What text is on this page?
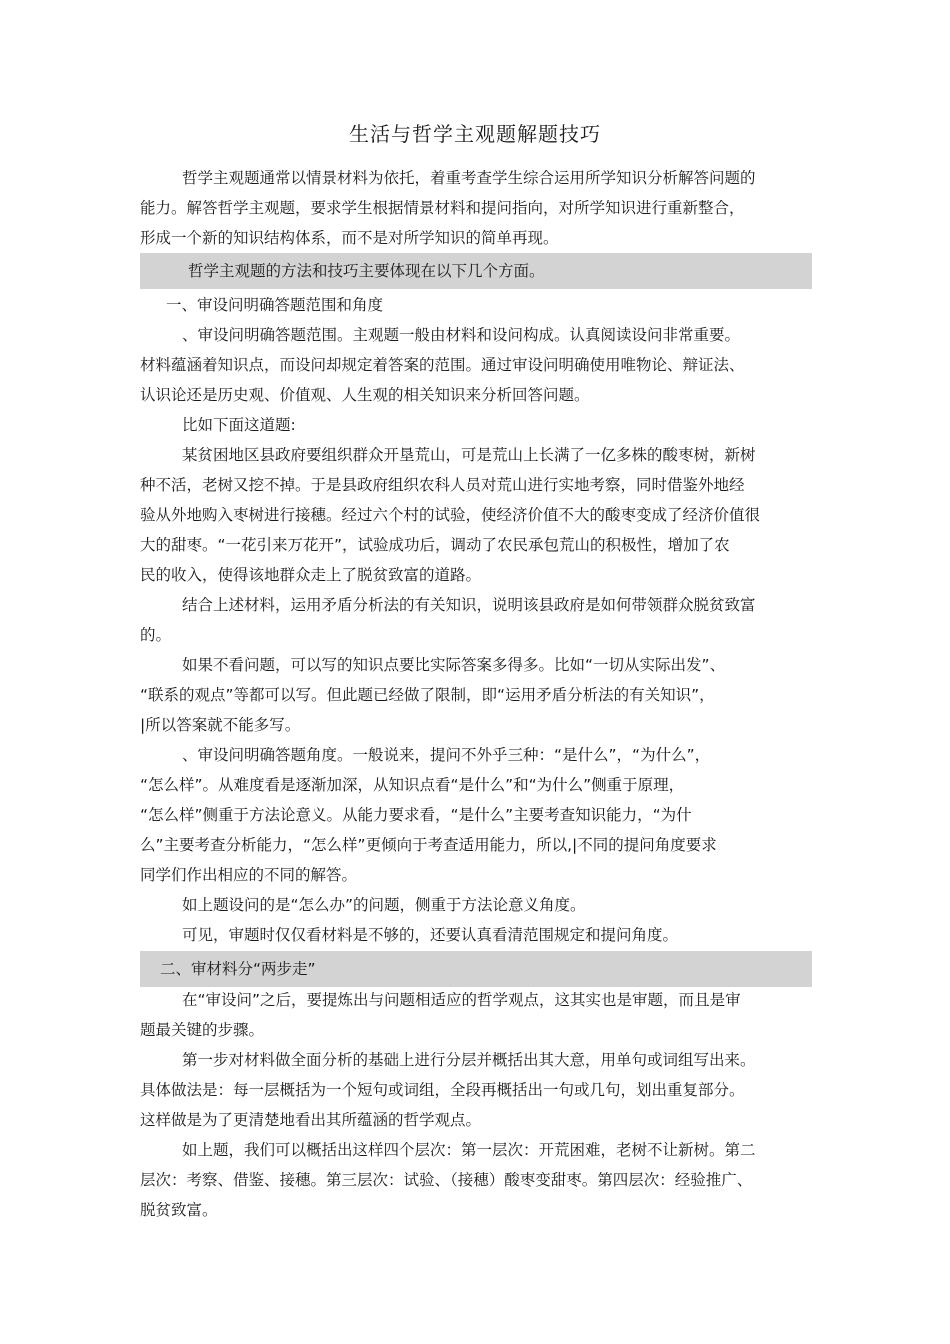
生活与哲学主观题解题技巧
哲学主观题通常以情景材料为依托，着重考查学生综合运用所学知识分析解答问题的
能力。解答哲学主观题，要求学生根据情景材料和提问指向，对所学知识进行重新整合，
形成一个新的知识结构体系，而不是对所学知识的简单再现。
哲学主观题的方法和技巧主要体现在以下几个方面。
一、审设问明确答题范围和角度
、审设问明确答题范围。主观题一般由材料和设问构成。认真阅读设问非常重要。
材料蕴涵着知识点，而设问却规定着答案的范围。通过审设问明确使用唯物论、辩证法、
认识论还是历史观、价值观、人生观的相关知识来分析回答问题。
比如下面这道题:
某贫困地区县政府要组织群众开垦荒山，可是荒山上长满了一亿多株的酸枣树，新树
种不活，老树又挖不掉。于是县政府组织农科人员对荒山进行实地考察，同时借鉴外地经
验从外地购入枣树进行接穗。经过六个村的试验，使经济价值不大的酸枣变成了经济价值很
大的甜枣。“一花引来万花开”，试验成功后，调动了农民承包荒山的积极性，增加了农
民的收入，使得该地群众走上了脱贫致富的道路。
结合上述材料，运用矛盾分析法的有关知识，说明该县政府是如何带领群众脱贫致富
的。
如果不看问题，可以写的知识点要比实际答案多得多。比如“一切从实际出发”、
“联系的观点”等都可以写。但此题已经做了限制，即“运用矛盾分析法的有关知识”，
|所以答案就不能多写。
、审设问明确答题角度。一般说来，提问不外乎三种：“是什么”，“为什么”，
“怎么样”。从难度看是逐渐加深，从知识点看“是什么”和“为什么”侧重于原理，
“怎么样”侧重于方法论意义。从能力要求看，“是什么”主要考查知识能力，“为什
么”主要考查分析能力，“怎么样”更倾向于考查适用能力，所以,|不同的提问角度要求
同学们作出相应的不同的解答。
如上题设问的是“怎么办”的问题，侧重于方法论意义角度。
可见，审题时仅仅看材料是不够的，还要认真看清范围规定和提问角度。
二、审材料分“两步走”
在“审设问”之后，要提炼出与问题相适应的哲学观点，这其实也是审题，而且是审
题最关键的步骤。
第一步对材料做全面分析的基础上进行分层并概括出其大意，用单句或词组写出来。
具体做法是：每一层概括为一个短句或词组，全段再概括出一句或几句，划出重复部分。
这样做是为了更清楚地看出其所蕴涵的哲学观点。
如上题，我们可以概括出这样四个层次：第一层次：开荒困难，老树不让新树。第二
层次：考察、借鉴、接穗。第三层次：试验、（接穗）酸枣变甜枣。第四层次：经验推广、
脱贫致富。
